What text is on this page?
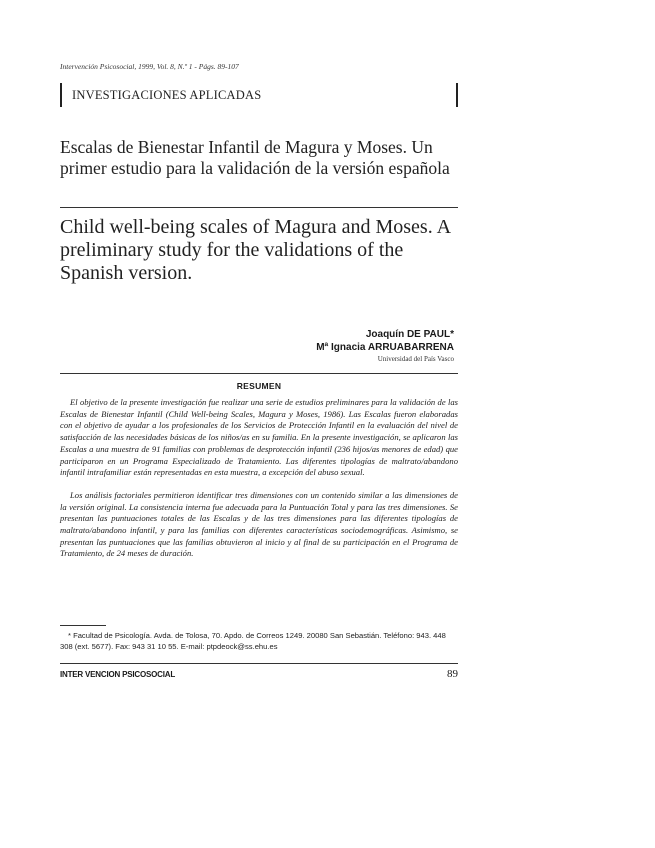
Intervención Psicosocial, 1999, Vol. 8, N.º 1 - Págs. 89-107
INVESTIGACIONES APLICADAS
Escalas de Bienestar Infantil de Magura y Moses. Un primer estudio para la validación de la versión española
Child well-being scales of Magura and Moses. A preliminary study for the validations of the Spanish version.
Joaquín DE PAUL*
Mª Ignacia ARRUABARRENA
Universidad del País Vasco
RESUMEN

El objetivo de la presente investigación fue realizar una serie de estudios preliminares para la validación de las Escalas de Bienestar Infantil (Child Well-being Scales, Magura y Moses, 1986). Las Escalas fueron elaboradas con el objetivo de ayudar a los profesionales de los Servicios de Protección Infantil en la evaluación del nivel de satisfacción de las necesidades básicas de los niños/as en su familia. En la presente investigación, se aplicaron las Escalas a una muestra de 91 familias con problemas de desprotección infantil (236 hijos/as menores de edad) que participaron en un Programa Especializado de Tratamiento. Las diferentes tipologías de maltrato/abandono infantil intrafamiliar están representadas en esta muestra, a excepción del abuso sexual.

Los análisis factoriales permitieron identificar tres dimensiones con un contenido similar a las dimensiones de la versión original. La consistencia interna fue adecuada para la Puntuación Total y para las tres dimensiones. Se presentan las puntuaciones totales de las Escalas y de las tres dimensiones para las diferentes tipologías de maltrato/abandono infantil, y para las familias con diferentes características sociodemográficas. Asimismo, se presentan las puntuaciones que las familias obtuvieron al inicio y al final de su participación en el Programa de Tratamiento, de 24 meses de duración.

* Facultad de Psicología. Avda. de Tolosa, 70. Apdo. de Correos 1249. 20080 San Sebastián. Teléfono: 943. 448 308 (ext. 5677). Fax: 943 31 10 55. E-mail: ptpdeock@ss.ehu.es
INTER VENCION PSICOSOCIAL	89
